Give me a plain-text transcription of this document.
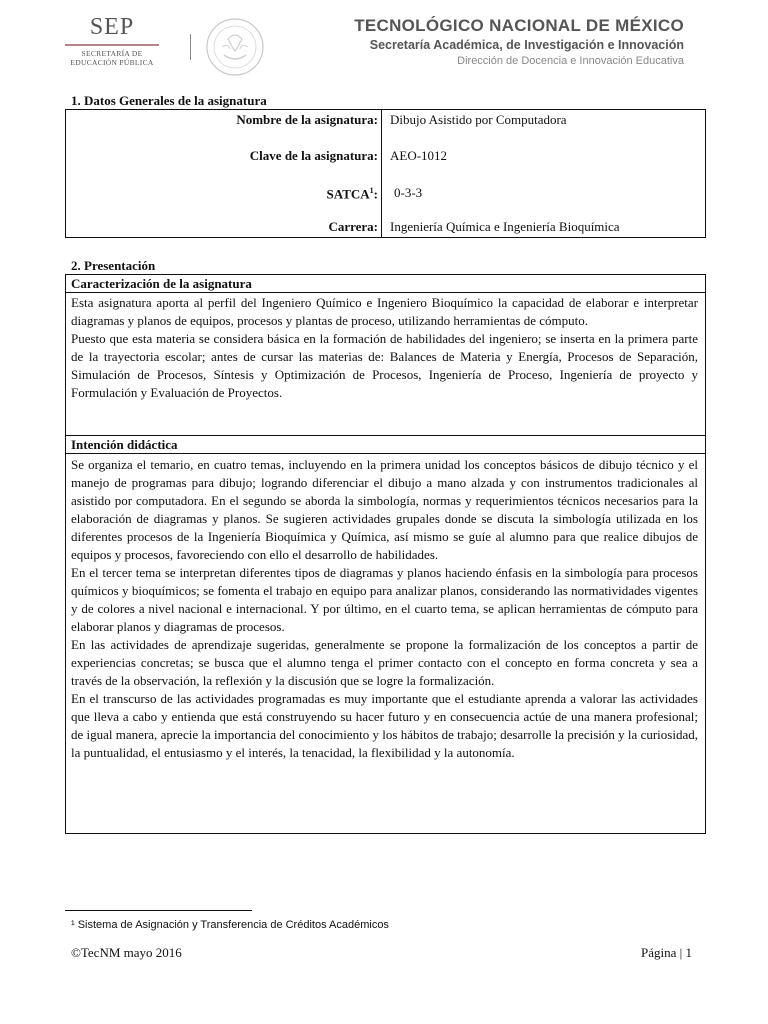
SEP
SECRETARÍA DE
EDUCACIÓN PÚBLICA
TECNOLÓGICO NACIONAL DE MÉXICO
Secretaría Académica, de Investigación e Innovación
Dirección de Docencia e Innovación Educativa
1. Datos Generales de la asignatura
Nombre de la asignatura: Dibujo Asistido por Computadora
Clave de la asignatura: AEO-1012
SATCA$^1$: 0-3-3
Carrera: Ingeniería Química e Ingeniería Bioquímica
2. Presentación
Caracterización de la asignatura

Esta asignatura aporta al perfil del Ingeniero Químico e Ingeniero Bioquímico la capacidad de elaborar e interpretar diagramas y planos de equipos, procesos y plantas de proceso, utilizando herramientas de cómputo.

Puesto que esta materia se considera básica en la formación de habilidades del ingeniero; se inserta en la primera parte de la trayectoria escolar; antes de cursar las materias de: Balances de Materia y Energía, Procesos de Separación, Simulación de Procesos, Síntesis y Optimización de Procesos, Ingeniería de Proceso, Ingeniería de proyecto y Formulación y Evaluación de Proyectos.

Intención didáctica

Se organiza el temario, en cuatro temas, incluyendo en la primera unidad los conceptos básicos de dibujo técnico y el manejo de programas para dibujo; logrando diferenciar el dibujo a mano alzada y con instrumentos tradicionales al asistido por computadora. En el segundo se aborda la simbología, normas y requerimientos técnicos necesarios para la elaboración de diagramas y planos. Se sugieren actividades grupales donde se discuta la simbología utilizada en los diferentes procesos de la Ingeniería Bioquímica y Química, así mismo se guíe al alumno para que realice dibujos de equipos y procesos, favoreciendo con ello el desarrollo de habilidades.

En el tercer tema se interpretan diferentes tipos de diagramas y planos haciendo énfasis en la simbología para procesos químicos y bioquímicos; se fomenta el trabajo en equipo para analizar planos, considerando las normatividades vigentes y de colores a nivel nacional e internacional. Y por último, en el cuarto tema, se aplican herramientas de cómputo para elaborar planos y diagramas de procesos.

En las actividades de aprendizaje sugeridas, generalmente se propone la formalización de los conceptos a partir de experiencias concretas; se busca que el alumno tenga el primer contacto con el concepto en forma concreta y sea a través de la observación, la reflexión y la discusión que se logre la formalización.

En el transcurso de las actividades programadas es muy importante que el estudiante aprenda a valorar las actividades que lleva a cabo y entienda que está construyendo su hacer futuro y en consecuencia actúe de una manera profesional; de igual manera, aprecie la importancia del conocimiento y los hábitos de trabajo; desarrolle la precisión y la curiosidad, la puntualidad, el entusiasmo y el interés, la tenacidad, la flexibilidad y la autonomía.

¹ Sistema de Asignación y Transferencia de Créditos Académicos
©TecNM mayo 2016	Página | 1
